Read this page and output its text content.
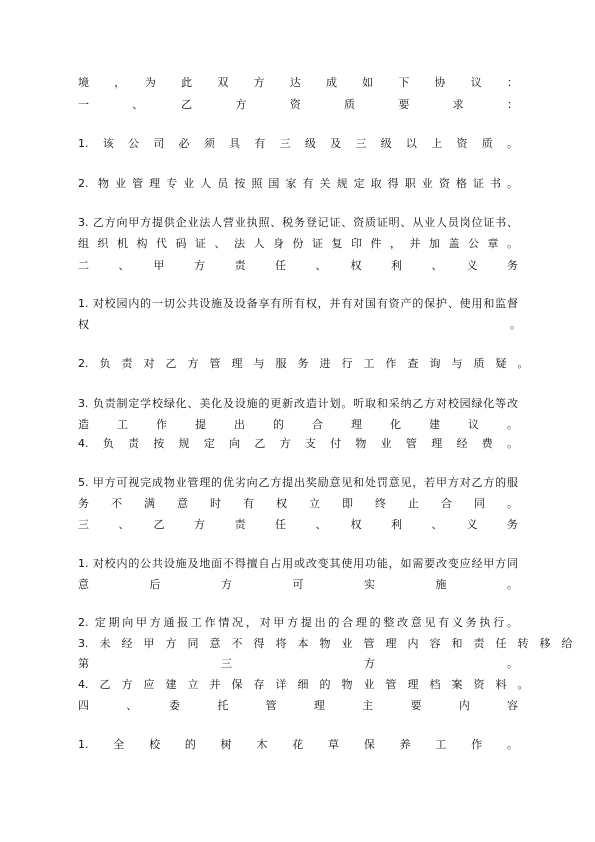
境　，　为　此　双　方　达　成　如　下　协　议　：
一　、　乙　方　资　质　要　求　：
1.　该　公　司　必　须　具　有　三　级　及　三　级　以　上　资　质　。
2. 物业管理专业人员按照国家有关规定取得职业资格证书。
3. 乙方向甲方提供企业法人营业执照、税务登记证、资质证明、从业人员岗位证书、
组织机构代码证、法人身份证复印件，并加盖公章。
二　、　甲　方　责　任　、　权　利　、　义　务
1. 对校园内的一切公共设施及设备享有所有权，并有对国有资产的保护、使用和监督
权	。
2.　负　责　对　乙　方　管　理　与　服　务　进　行　工　作　查　询　与　质　疑　。
3. 负责制定学校绿化、美化及设施的更新改造计划。听取和采纳乙方对校园绿化等改
造　工　作　提　出　的　合　理　化　建　议　。
4.　负　责　按　规　定　向　乙　方　支　付　物　业　管　理　经　费　。
5. 甲方可视完成物业管理的优劣向乙方提出奖励意见和处罚意见，若甲方对乙方的服
务　不　满　意　时　有　权　立　即　终　止　合　同　。
三　、　乙　方　责　任　、　权　利　、　义　务
1. 对校内的公共设施及地面不得擅自占用或改变其使用功能，如需要改变应经甲方同
意　后　方　可　实　施　。
2. 定期向甲方通报工作情况，对甲方提出的合理的整改意见有义务执行。
3.　未　经　甲　方　同　意　不　得　将　本　物　业　管　理　内　容　和　责　任　转　移　给
第　三　方　。
4.　乙　方　应　建　立　并　保　存　详　细　的　物　业　管　理　档　案　资　料　。
四　、　委　托　管　理　主　要　内　容
1.　全　校　的　树　木　花　草　保　养　工　作　。
